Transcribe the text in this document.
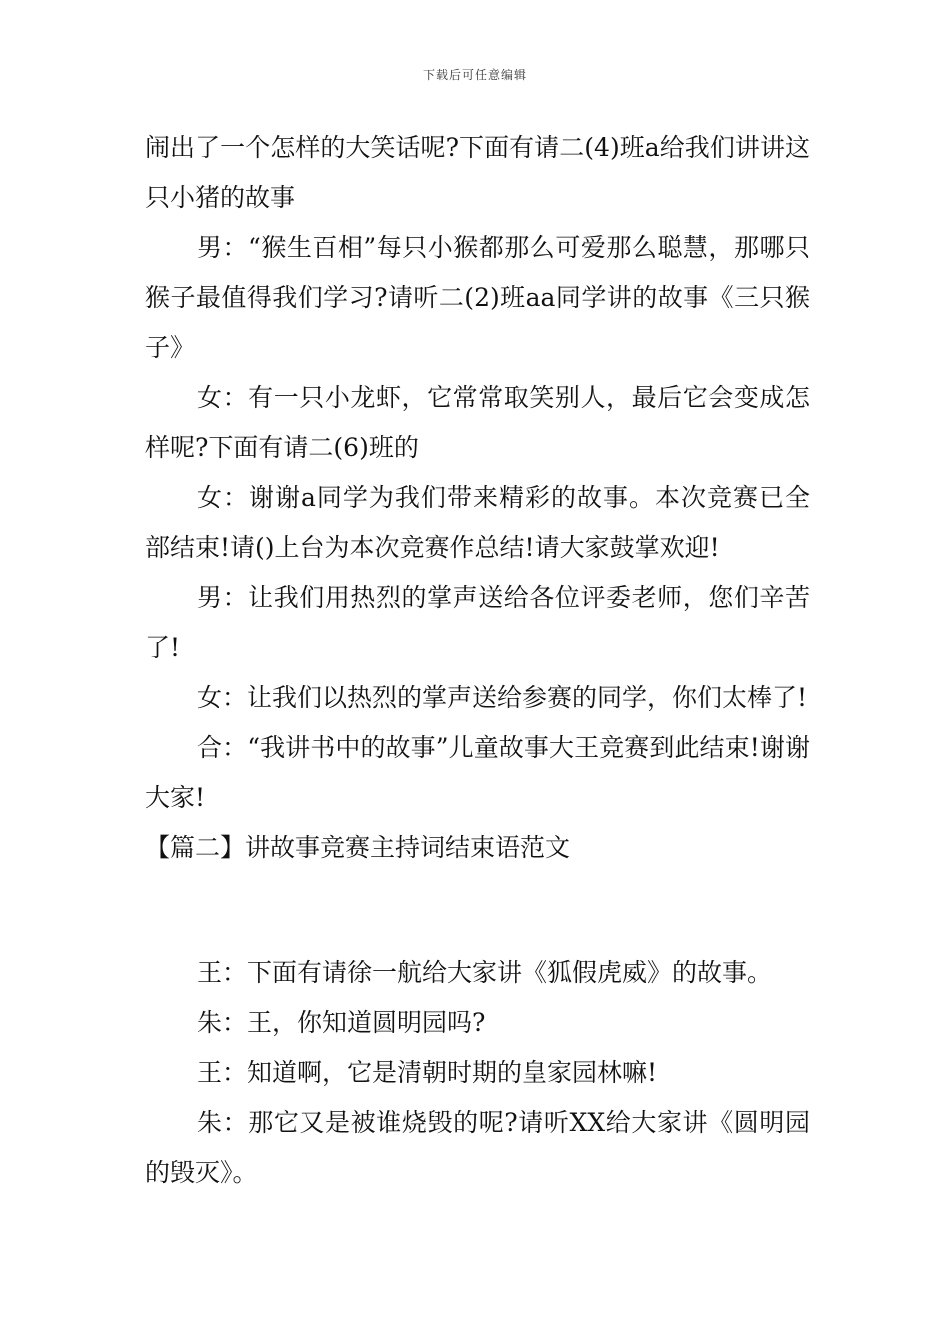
下载后可任意编辑

闹出了一个怎样的大笑话呢?下面有请二(4)班a给我们讲讲这只小猪的故事

男：“猴生百相”每只小猴都那么可爱那么聪慧，那哪只猴子最值得我们学习?请听二(2)班aa同学讲的故事《三只猴子》

女：有一只小龙虾，它常常取笑别人，最后它会变成怎样呢?下面有请二(6)班的

女：谢谢a同学为我们带来精彩的故事。本次竞赛已全部结束!请()上台为本次竞赛作总结!请大家鼓掌欢迎!

男：让我们用热烈的掌声送给各位评委老师，您们辛苦了!

女：让我们以热烈的掌声送给参赛的同学，你们太棒了!

合：“我讲书中的故事”儿童故事大王竞赛到此结束!谢谢大家!

【篇二】讲故事竞赛主持词结束语范文

王：下面有请徐一航给大家讲《狐假虎威》的故事。

朱：王，你知道圆明园吗?

王：知道啊，它是清朝时期的皇家园林嘛!

朱：那它又是被谁烧毁的呢?请听XX给大家讲《圆明园的毁灭》。
